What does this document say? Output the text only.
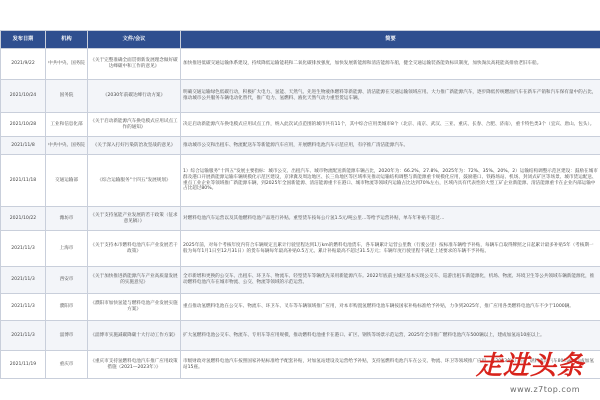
发布日期	机构	文件/会议	简要
2021/9/22	中共中央、国务院	《关于完整准确全面贯彻新发展理念做好碳达峰碳中和工作的意见》	加快推进低碳交通运输体系建设，持续降低运输能耗和二氧化碳排放强度，加快发展新能源和清洁能源车船，健全交通运输装备能效标识制度，加快淘汰高耗能高排放老旧车船。
2021/10/24	国务院	《2030年前碳达峰行动方案》	明确交通运输绿色低碳行动，积极扩大电力、氢能、天然气、先进生物液体燃料等新能源、清洁能源在交通运输领域应用。大力推广新能源汽车，逐步降低传统燃油汽车在新车产销和汽车保有量中的占比，推动城市公共服务车辆电动化替代，推广电力、氢燃料、液化天然气动力重型货运车辆。
2021/10/28	工业和信息化部	《关于启动新能源汽车换电模式应用试点工作的通知》	决定启动新能源汽车换电模式应用试点工作，纳入此次试点范围的城市共有11个，其中综合应用类城市8个（北京、南京、武汉、三亚、重庆、长春、合肥、济南），重卡特色类3个（宜宾、唐山、包头）。
2021/11/8	中共中央、国务院	《关于深入打好污染防治攻坚战的意见》	推动城市公交和出租车、物流配送车等新能源汽车应用，开展燃料电池汽车示范应用，有序推广清洁能源汽车。
2021/11/18	交通运输部	《综合运输服务"十四五"发展规划》	1）综合运输服务"十四五"发展主要指标：城市公交、出租汽车、城市物流配送新能源车辆占比，2020年为：66.2%、27.8%、2025年为：72%、35%、20%。2）运输结构调整示范区建设：鼓励在城市群及港口开展新能源运输车辆规模化示范区建设，京津冀及周边地区、长三角地区等区域率先推动运输结构调整与新能源重卡规模化应用，鼓励港口、铁路场站、机场、封闭式矿区等场景、城市货运配送、重点工业企业等领域推广新能源车辆，到2025年全国新能源、清洁能源重卡在港口、城市物流等领域内运输占比达到70%左右，区域内具有代表性的大型工矿企业新能源、清洁能源重卡在企业内部运输中占比超过80%。
2021/10/22	潍坊市	《关于支持氢能产业发展的若干政策（征求意见稿）》	对燃料电池汽车运营以及其他燃料电池产品进行补贴。重型货车按每公斤氢1.5元/吨公里…等给予运营补贴，单车年补贴不超过…
2021/11/3	上海市	《关于支持本市燃料电池汽车产业发展若干政策》	2025年前，对每个考核年度内符合车辆规定且累计行驶里程达到1万km的燃料电池货车，各车辆累计运营公里数（行驶公里）按标准车辆给予补贴，每辆车自取得牌照之日起累计最多补贴5年（考核期一般为每年1月1日至12月31日）的货车每辆每年最高补贴0.5万元、累计补贴最高不超过31.5万元；车辆年度行驶里程不满足上述要求的车辆不予补贴。
2021/11/3	西安市	《关于加快推进新能源汽车产业高质量发展的实施意见》	全市新增和更换的公交车、出租车、环卫车、物流车、轻型货车等辆优先采用新能源汽车。2022年底前主城区基本实现公交车、巡游出租车新能源化，机场、物流、环境卫生等公共领域车辆新能源化，推动燃料电池汽车在城市物流、公交、物流等领域的示范运营。
2021/11/3	濮阳市	《濮阳市加快氢能与燃料电池产业发展实施方案》	重点推动氢燃料电池在公交车、物流车、环卫车、叉车等车辆领域推广应用，对本市购置氢燃料电池车辆按国家补贴标准给予补贴，力争到2025年，推广应用各类燃料电池汽车不少于1000辆。
2021/11/3	淄博市	《淄博市实施减碳降碳十大行动工作方案》	扩大氢燃料电池公交车、物流车、专用车等应用规模，推动燃料电池重卡在港口、矿区、钢铁等场景示范运营，2025年全市推广燃料电池汽车500辆以上，建成加氢站10座以上。
2021/11/19	重庆市	《重庆市支持氢燃料电池汽车推广应用政策措施（2021—2023年）》	市级财政对氢燃料电池汽车按照国家补贴标准给予配套补贴，对加氢站建设及运营给予补贴，支持氢燃料电池汽车在公交、物流、环卫等领域推广应用，到2023年力争推广燃料电池汽车800辆，建成加氢站15座。	走进头条
www.z7top.com
